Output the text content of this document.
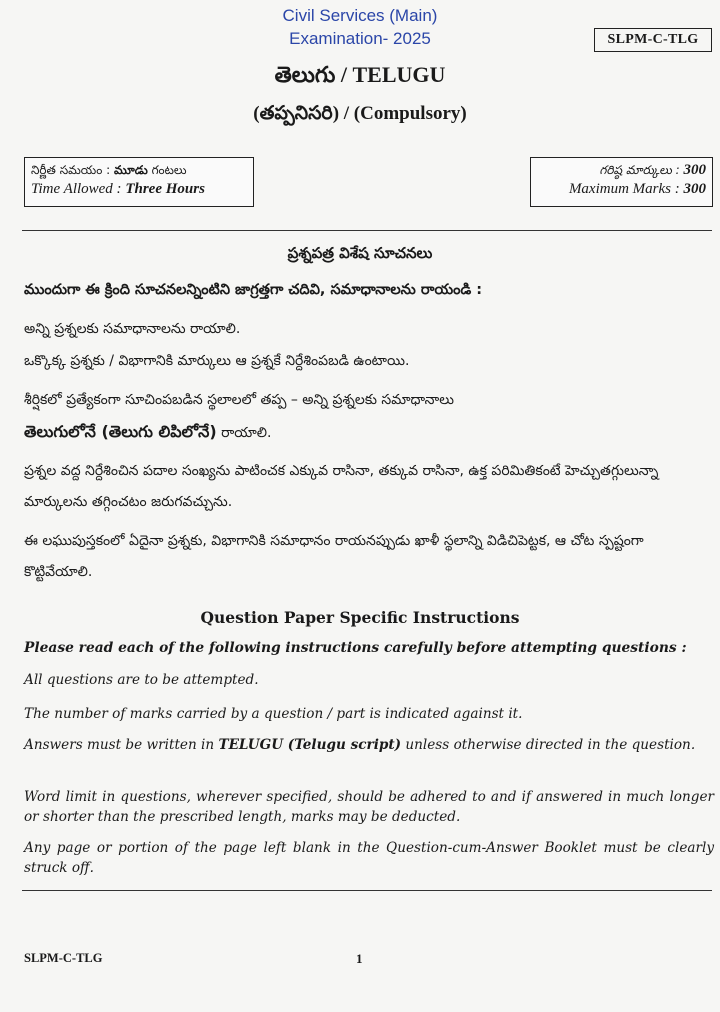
Civil Services (Main)
Examination- 2025	SLPM-C-TLG
తెలుగు / TELUGU
(తప్పనిసరి) / (Compulsory)
నిర్ణీత సమయం : మూడు గంటలు
Time Allowed : Three Hours
గరిష్ఠ మార్కులు : 300
Maximum Marks : 300
ప్రశ్నపత్ర విశేష సూచనలు
ముందుగా ఈ క్రింది సూచనలన్నింటిని జాగ్రత్తగా చదివి, సమాధానాలను రాయండి :
అన్ని ప్రశ్నలకు సమాధానాలను రాయాలి.
ఒక్కొక్క ప్రశ్నకు / విభాగానికి మార్కులు ఆ ప్రశ్నకే నిర్దేశింపబడి ఉంటాయి.
శీర్షికలో ప్రత్యేకంగా సూచింపబడిన స్థలాలలో తప్ప – అన్ని ప్రశ్నలకు సమాధానాలు
తెలుగులోనే (తెలుగు లిపిలోనే) రాయాలి.
ప్రశ్నల వద్ద నిర్దేశించిన పదాల సంఖ్యను పాటించక ఎక్కువ రాసినా, తక్కువ రాసినా, ఉక్త పరిమితికంటే హెచ్చుతగ్గులున్నా మార్కులను తగ్గించటం జరుగవచ్చును.
ఈ లఘుపుస్తకంలో ఏదైనా ప్రశ్నకు, విభాగానికి సమాధానం రాయనప్పుడు ఖాళీ స్థలాన్ని విడిచిపెట్టక, ఆ చోట స్పష్టంగా కొట్టివేయాలి.
Question Paper Specific Instructions
Please read each of the following instructions carefully before attempting questions :
All questions are to be attempted.
The number of marks carried by a question / part is indicated against it.
Answers must be written in TELUGU (Telugu script) unless otherwise directed in the question.
Word limit in questions, wherever specified, should be adhered to and if answered in much longer or shorter than the prescribed length, marks may be deducted.
Any page or portion of the page left blank in the Question-cum-Answer Booklet must be clearly struck off.
SLPM-C-TLG	1
